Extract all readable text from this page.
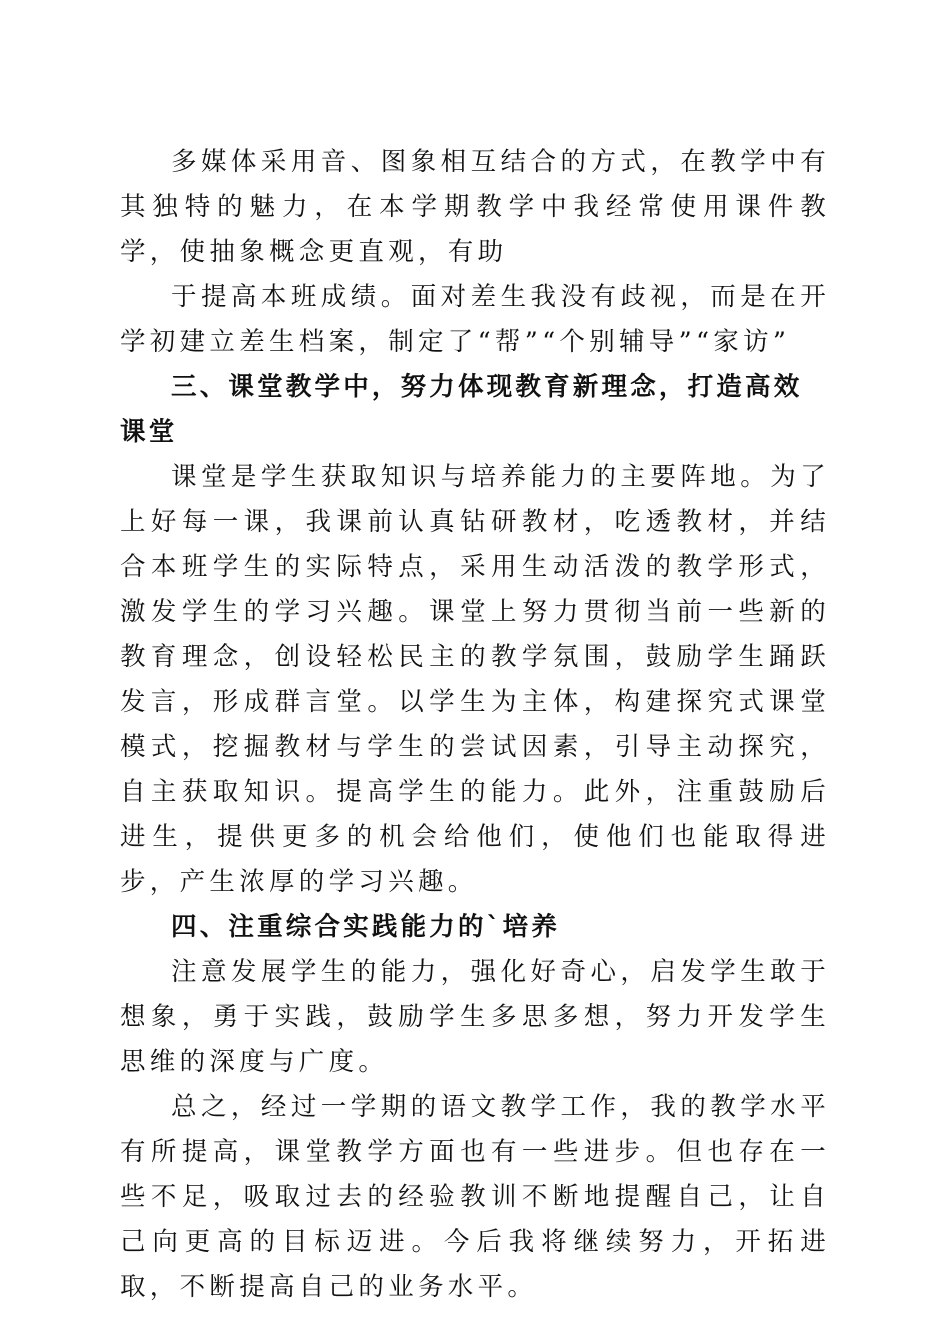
多媒体采用音、图象相互结合的方式，在教学中有其独特的魅力，在本学期教学中我经常使用课件教学，使抽象概念更直观，有助

于提高本班成绩。面对差生我没有歧视，而是在开学初建立差生档案，制定了“帮”“个别辅导”“家访”

三、课堂教学中，努力体现教育新理念，打造高效课堂

课堂是学生获取知识与培养能力的主要阵地。为了上好每一课，我课前认真钻研教材，吃透教材，并结合本班学生的实际特点，采用生动活泼的教学形式，激发学生的学习兴趣。课堂上努力贯彻当前一些新的教育理念，创设轻松民主的教学氛围，鼓励学生踊跃发言，形成群言堂。以学生为主体，构建探究式课堂模式，挖掘教材与学生的尝试因素，引导主动探究，自主获取知识。提高学生的能力。此外，注重鼓励后进生，提供更多的机会给他们，使他们也能取得进步，产生浓厚的学习兴趣。

四、注重综合实践能力的`培养

注意发展学生的能力，强化好奇心，启发学生敢于想象，勇于实践，鼓励学生多思多想，努力开发学生思维的深度与广度。

总之，经过一学期的语文教学工作，我的教学水平有所提高，课堂教学方面也有一些进步。但也存在一些不足，吸取过去的经验教训不断地提醒自己，让自己向更高的目标迈进。今后我将继续努力，开拓进取，不断提高自己的业务水平。
